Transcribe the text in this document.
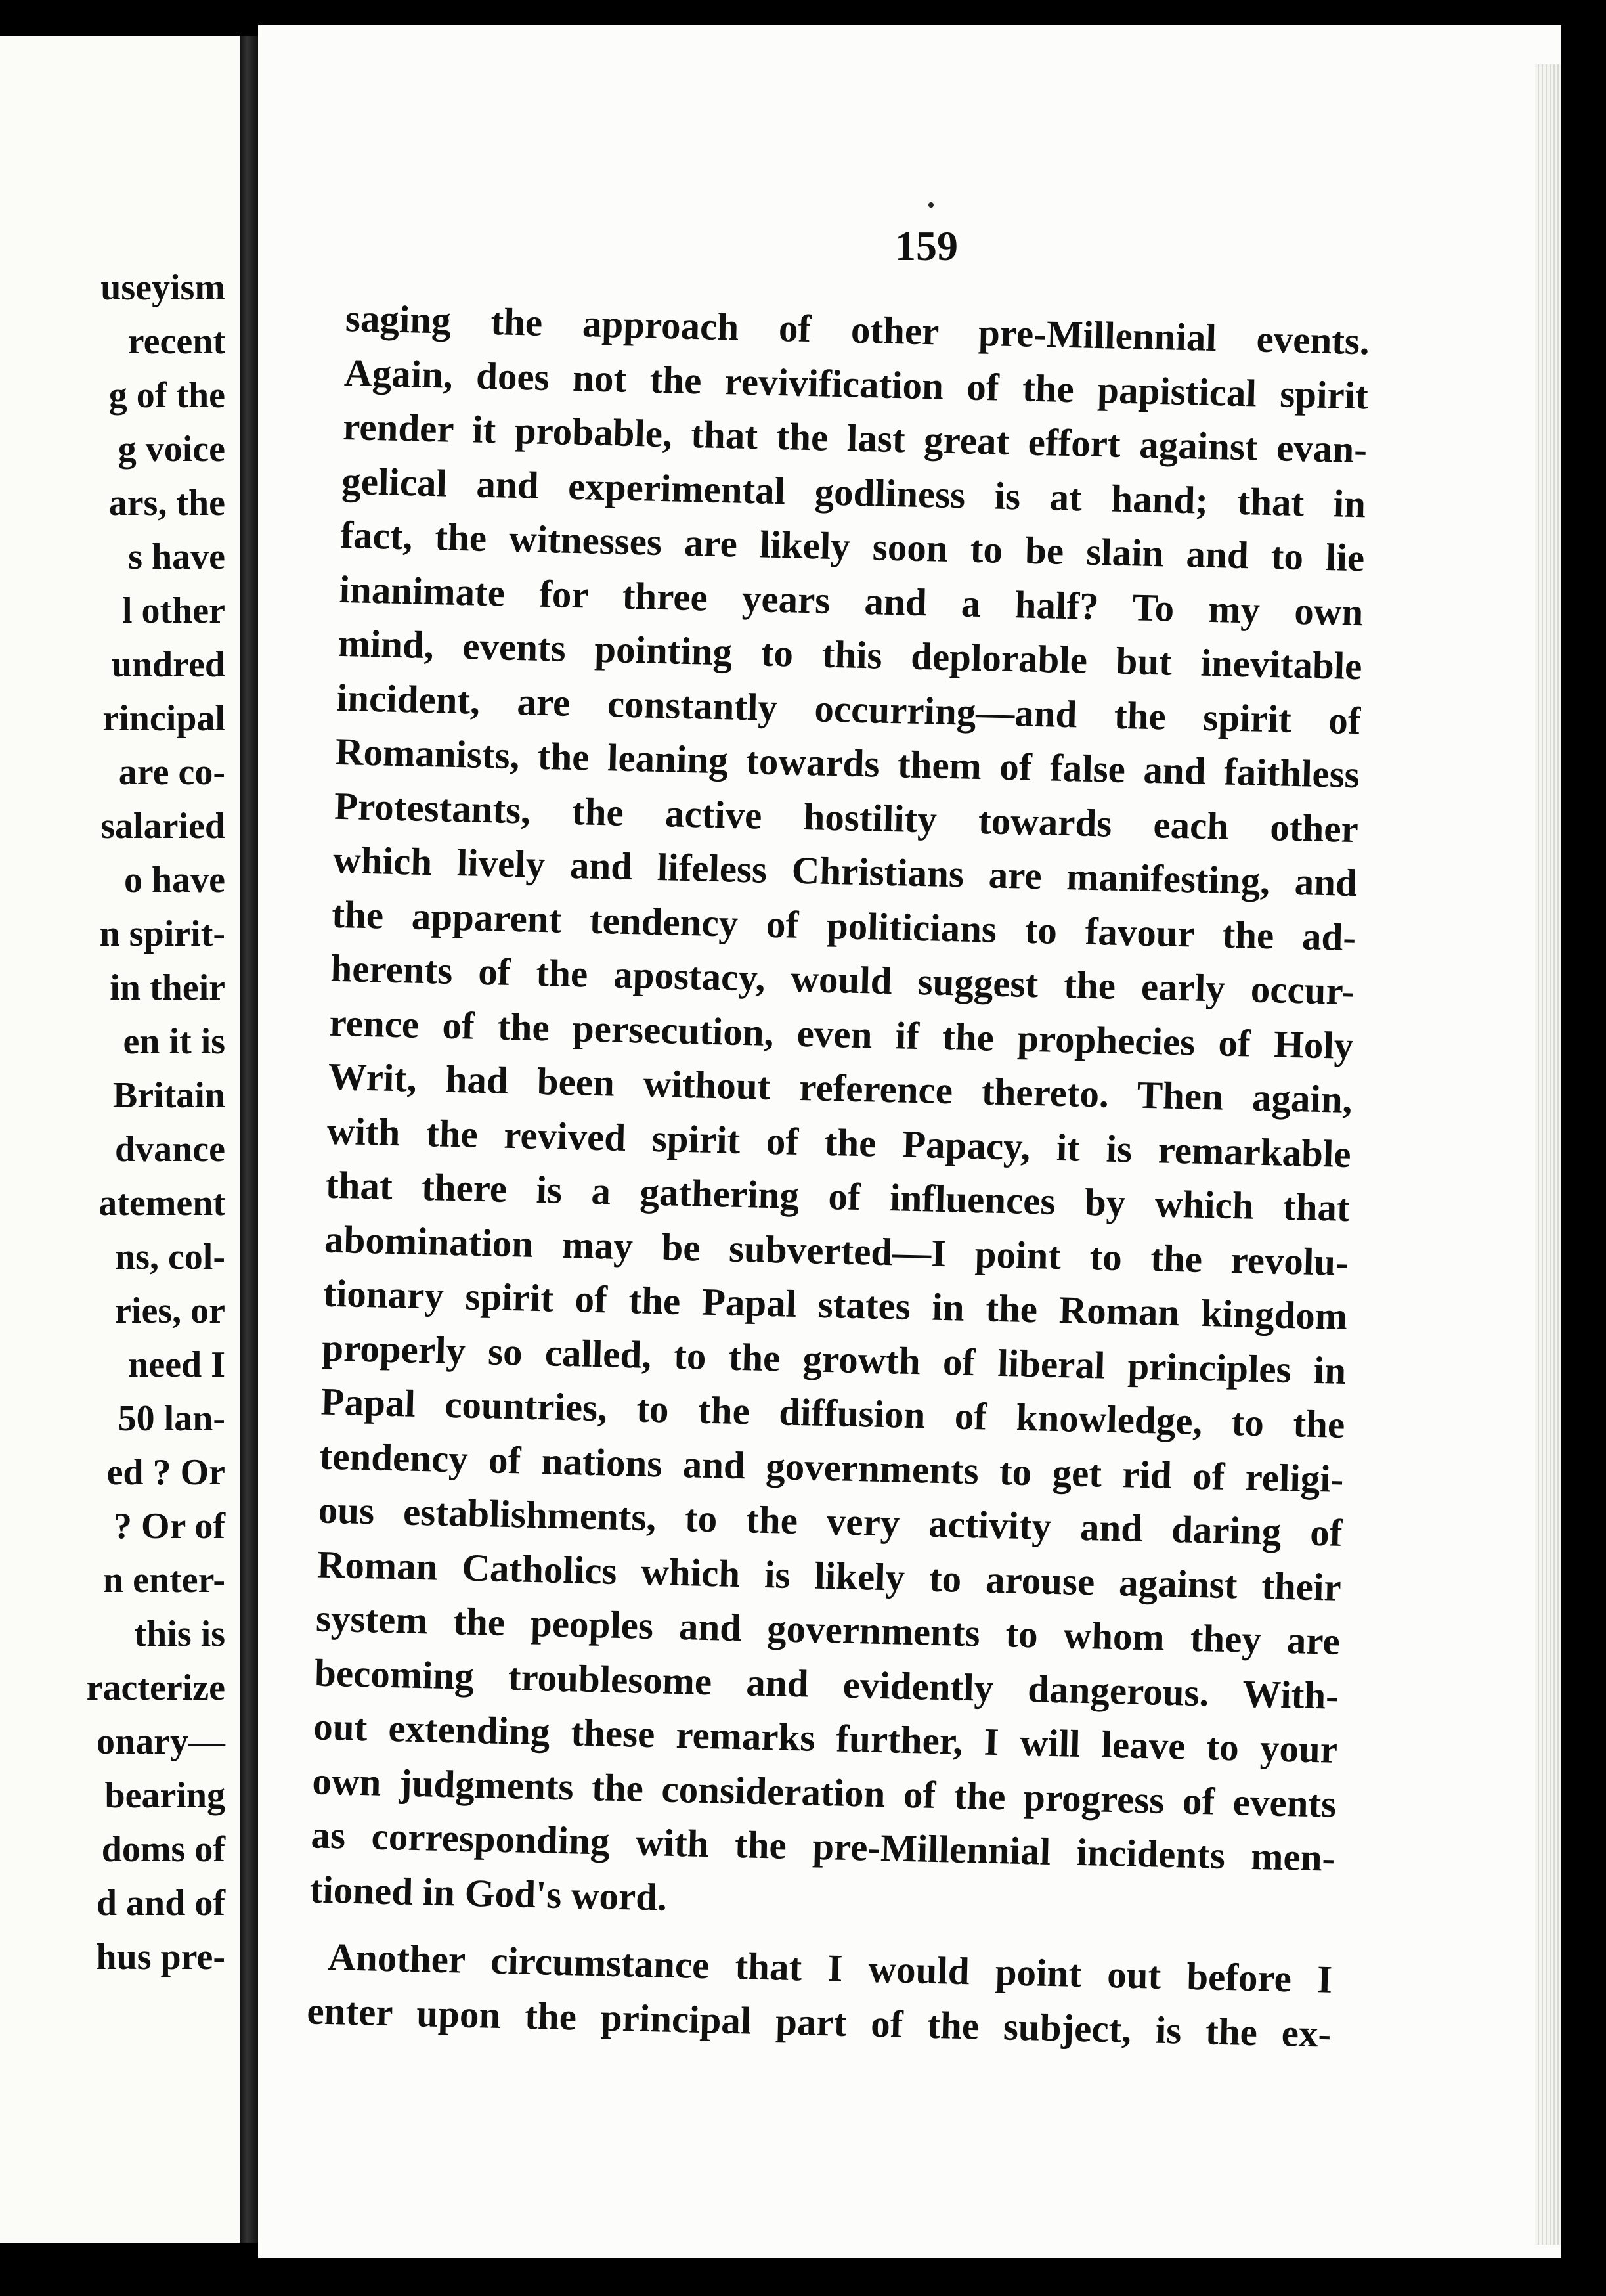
useyism
recent
g of the
g voice
ars, the
s have
l other
undred
rincipal
are co-
salaried
o have
n spirit-
in their
en it is
Britain
dvance
atement
ns, col-
ries, or
need I
50 lan-
ed ? Or
? Or of
n enter-
this is
racterize
onary—
bearing
doms of
d and of
hus pre-
159
saging the approach of other pre-Millennial events.
Again, does not the revivification of the papistical spirit
render it probable, that the last great effort against evan-
gelical and experimental godliness is at hand; that in
fact, the witnesses are likely soon to be slain and to lie
inanimate for three years and a half? To my own
mind, events pointing to this deplorable but inevitable
incident, are constantly occurring—and the spirit of
Romanists, the leaning towards them of false and faithless
Protestants, the active hostility towards each other
which lively and lifeless Christians are manifesting, and
the apparent tendency of politicians to favour the ad-
herents of the apostacy, would suggest the early occur-
rence of the persecution, even if the prophecies of Holy
Writ, had been without reference thereto. Then again,
with the revived spirit of the Papacy, it is remarkable
that there is a gathering of influences by which that
abomination may be subverted—I point to the revolu-
tionary spirit of the Papal states in the Roman kingdom
properly so called, to the growth of liberal principles in
Papal countries, to the diffusion of knowledge, to the
tendency of nations and governments to get rid of religi-
ous establishments, to the very activity and daring of
Roman Catholics which is likely to arouse against their
system the peoples and governments to whom they are
becoming troublesome and evidently dangerous. With-
out extending these remarks further, I will leave to your
own judgments the consideration of the progress of events
as corresponding with the pre-Millennial incidents men-
tioned in God's word.
Another circumstance that I would point out before I
enter upon the principal part of the subject, is the ex-
